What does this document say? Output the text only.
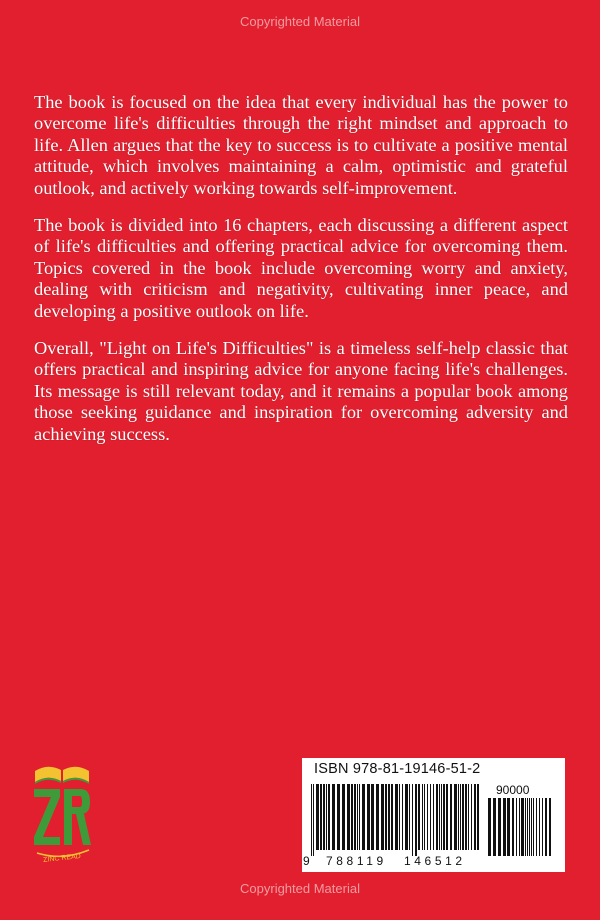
Copyrighted Material

The book is focused on the idea that every individual has the power to overcome life's difficulties through the right mindset and approach to life. Allen argues that the key to success is to cultivate a positive mental attitude, which involves maintaining a calm, optimistic and grateful outlook, and actively working towards self-improvement.

The book is divided into 16 chapters, each discussing a different aspect of life's difficulties and offering practical advice for overcoming them. Topics covered in the book include overcoming worry and anxiety, dealing with criticism and negativity, cultivating inner peace, and developing a positive outlook on life.

Overall, "Light on Life's Difficulties" is a timeless self-help classic that offers practical and inspiring advice for anyone facing life's challenges. Its message is still relevant today, and it remains a popular book among those seeking guidance and inspiration for overcoming adversity and achieving success.

ZINC READ
ISBN 978-81-19146-51-2
90000
9 788119 146512
Copyrighted Material
